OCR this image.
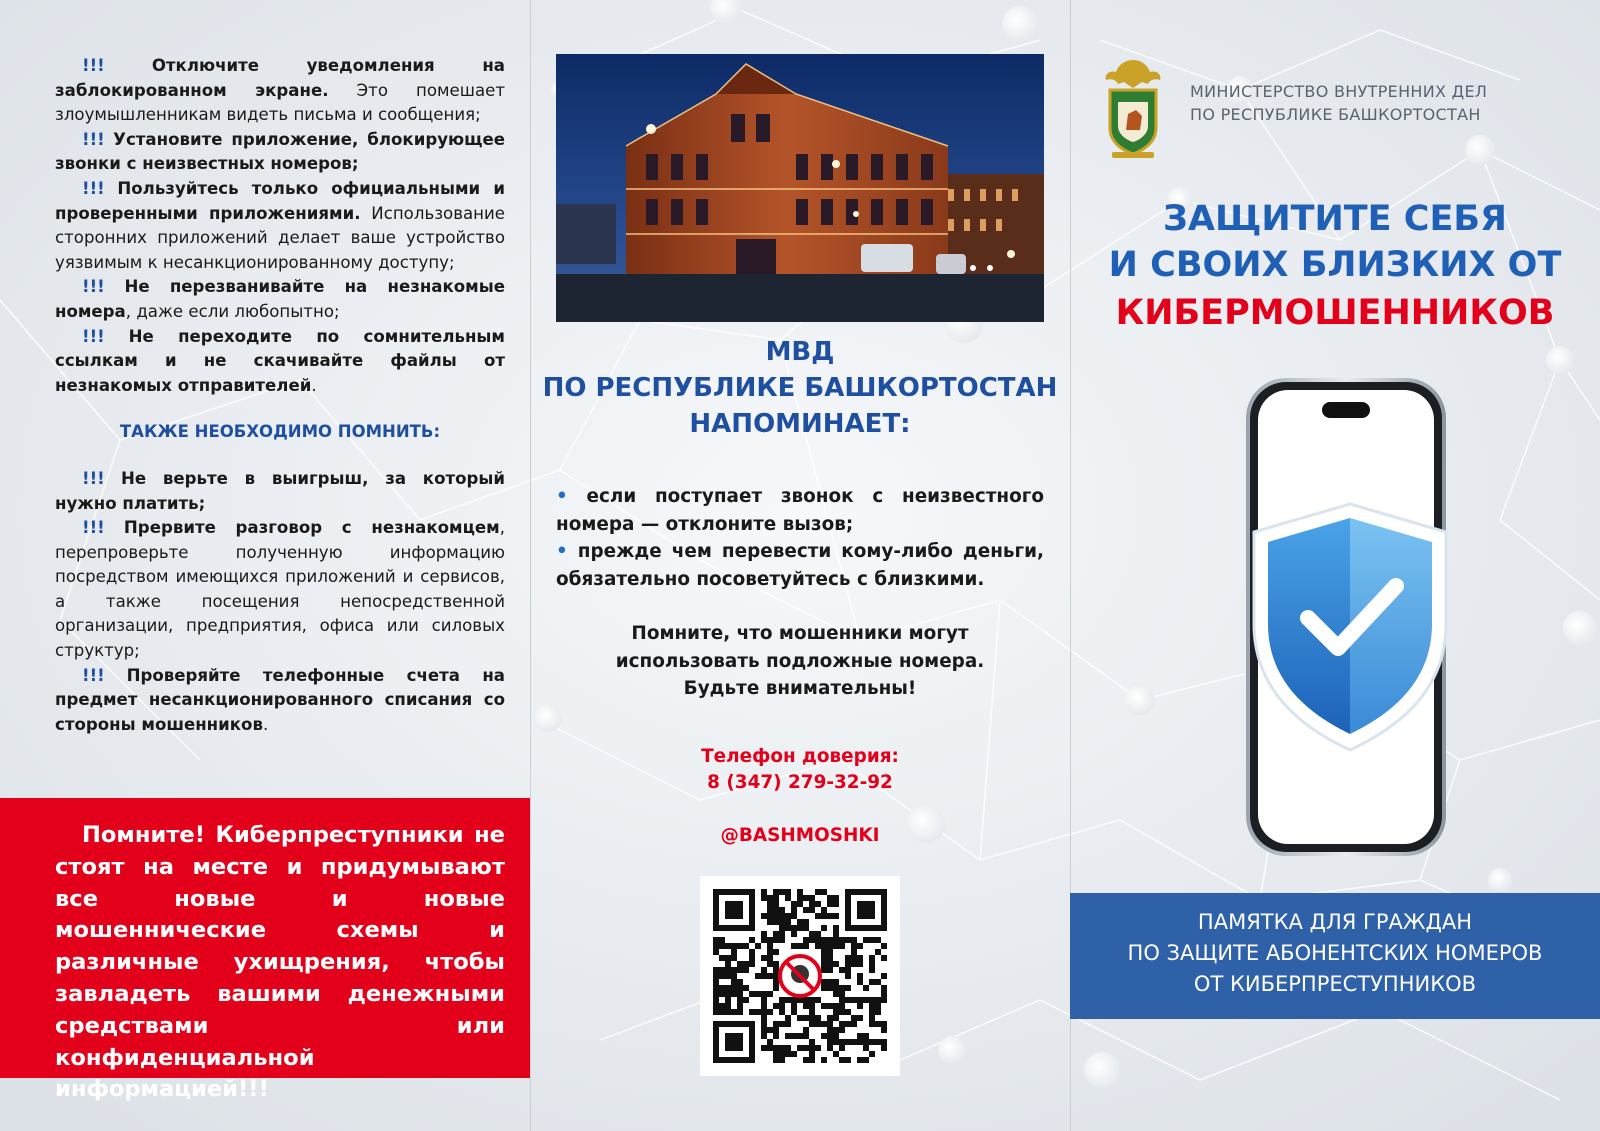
!!!	Отключите уведомления на заблокированном экране. Это помешает злоумышленникам видеть письма и сообщения;

!!! Установите приложение, блокирующее звонки с неизвестных номеров;

!!! Пользуйтесь только официальными и проверенными приложениями. Использование сторонних приложений делает ваше устройство уязвимым к несанкционированному доступу;

!!! Не перезванивайте на незнакомые номера, даже если любопытно;

!!! Не переходите по сомнительным ссылкам и не скачивайте файлы от незнакомых отправителей.

ТАКЖЕ НЕОБХОДИМО ПОМНИТЬ:

!!! Не верьте в выигрыш, за который нужно платить;

!!! Прервите разговор с незнакомцем, перепроверьте полученную информацию посредством имеющихся приложений и сервисов, а также посещения непосредственной организации, предприятия, офиса или силовых структур;

!!! Проверяйте телефонные счета на предмет несанкционированного списания со стороны мошенников.

Помните! Киберпреступники не стоят на месте и придумывают все новые и новые мошеннические схемы и различные ухищрения, чтобы завладеть вашими денежными средствами или конфиденциальной информацией!!!

МВД
ПО РЕСПУБЛИКЕ БАШКОРТОСТАН
НАПОМИНАЕТ:

• если поступает звонок с неизвестного номера — отклоните вызов;

• прежде чем перевести кому-либо деньги, обязательно посоветуйтесь с близкими.

Помните, что мошенники могут
использовать подложные номера.
Будьте внимательны!
Телефон доверия:
8 (347) 279-32-92
@BASHMOSHKI
МИНИСТЕРСТВО ВНУТРЕННИХ ДЕЛ
ПО РЕСПУБЛИКЕ БАШКОРТОСТАН
ЗАЩИТИТЕ СЕБЯ
И СВОИХ БЛИЗКИХ ОТ
КИБЕРМОШЕННИКОВ
ПАМЯТКА ДЛЯ ГРАЖДАН
ПО ЗАЩИТЕ АБОНЕНТСКИХ НОМЕРОВ
ОТ КИБЕРПРЕСТУПНИКОВ
